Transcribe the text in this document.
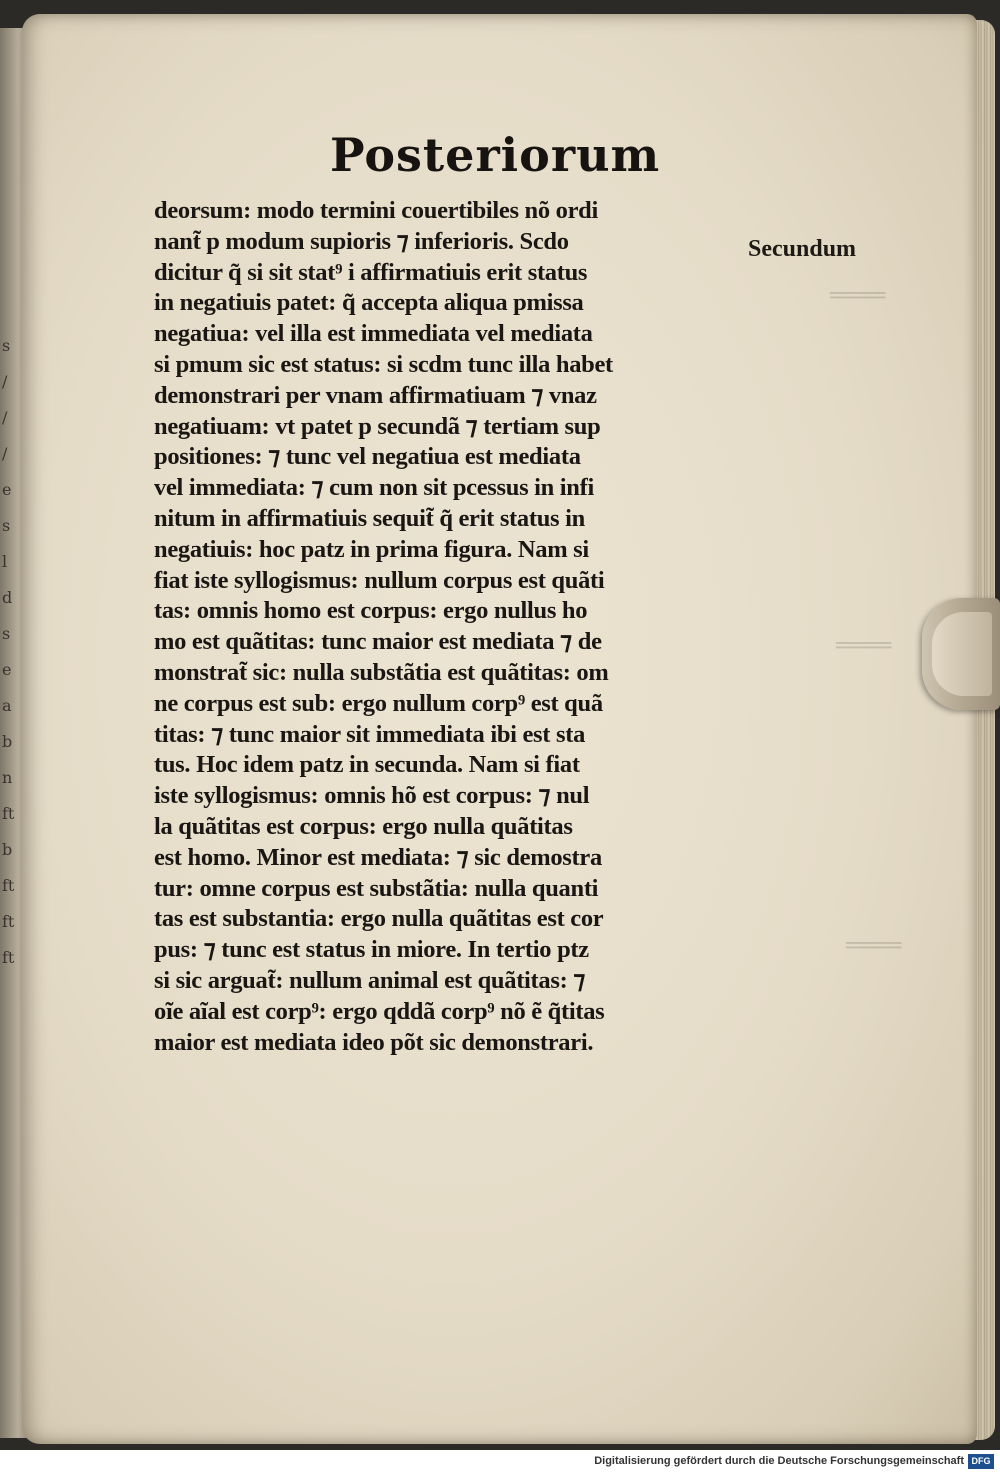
s
/
/
/
e
s
l
d
s
e
a
b
n
ft
b
ft
ft
ft
═══
═══
═══
Posteriorum
deorsum: modo termini couertibiles nõ ordi
nant̃ p modum supioris ⁊ inferioris. Scdo
dicitur q̃ si sit stat⁹ i affirmatiuis erit status
in negatiuis patet: q̃ accepta aliqua pmissa
negatiua: vel illa est immediata vel mediata
si pmum sic est status: si scdm tunc illa habet
demonstrari per vnam affirmatiuam ⁊ vnaz
negatiuam: vt patet p secundã ⁊ tertiam sup
positiones: ⁊ tunc vel negatiua est mediata
vel immediata: ⁊ cum non sit pcessus in infi
nitum in affirmatiuis sequit̃ q̃ erit status in
negatiuis: hoc patz in prima figura. Nam si
fiat iste syllogismus: nullum corpus est quãti
tas: omnis homo est corpus: ergo nullus ho
mo est quãtitas: tunc maior est mediata ⁊ de
monstrat̃ sic: nulla substãtia est quãtitas: om
ne corpus est sub: ergo nullum corp⁹ est quã
titas: ⁊ tunc maior sit immediata ibi est sta
tus. Hoc idem patz in secunda. Nam si fiat
iste syllogismus: omnis hõ est corpus: ⁊ nul
la quãtitas est corpus: ergo nulla quãtitas
est homo. Minor est mediata: ⁊ sic demostra
tur: omne corpus est substãtia: nulla quanti
tas est substantia: ergo nulla quãtitas est cor
pus: ⁊ tunc est status in miore. In tertio ptz
si sic arguat̃: nullum animal est quãtitas: ⁊
oĩe aĩal est corp⁹: ergo qddã corp⁹ nõ ẽ q̃titas
maior est mediata ideo põt sic demonstrari.
Secundum
Digitalisierung gefördert durch die Deutsche Forschungsgemeinschaft DFG
